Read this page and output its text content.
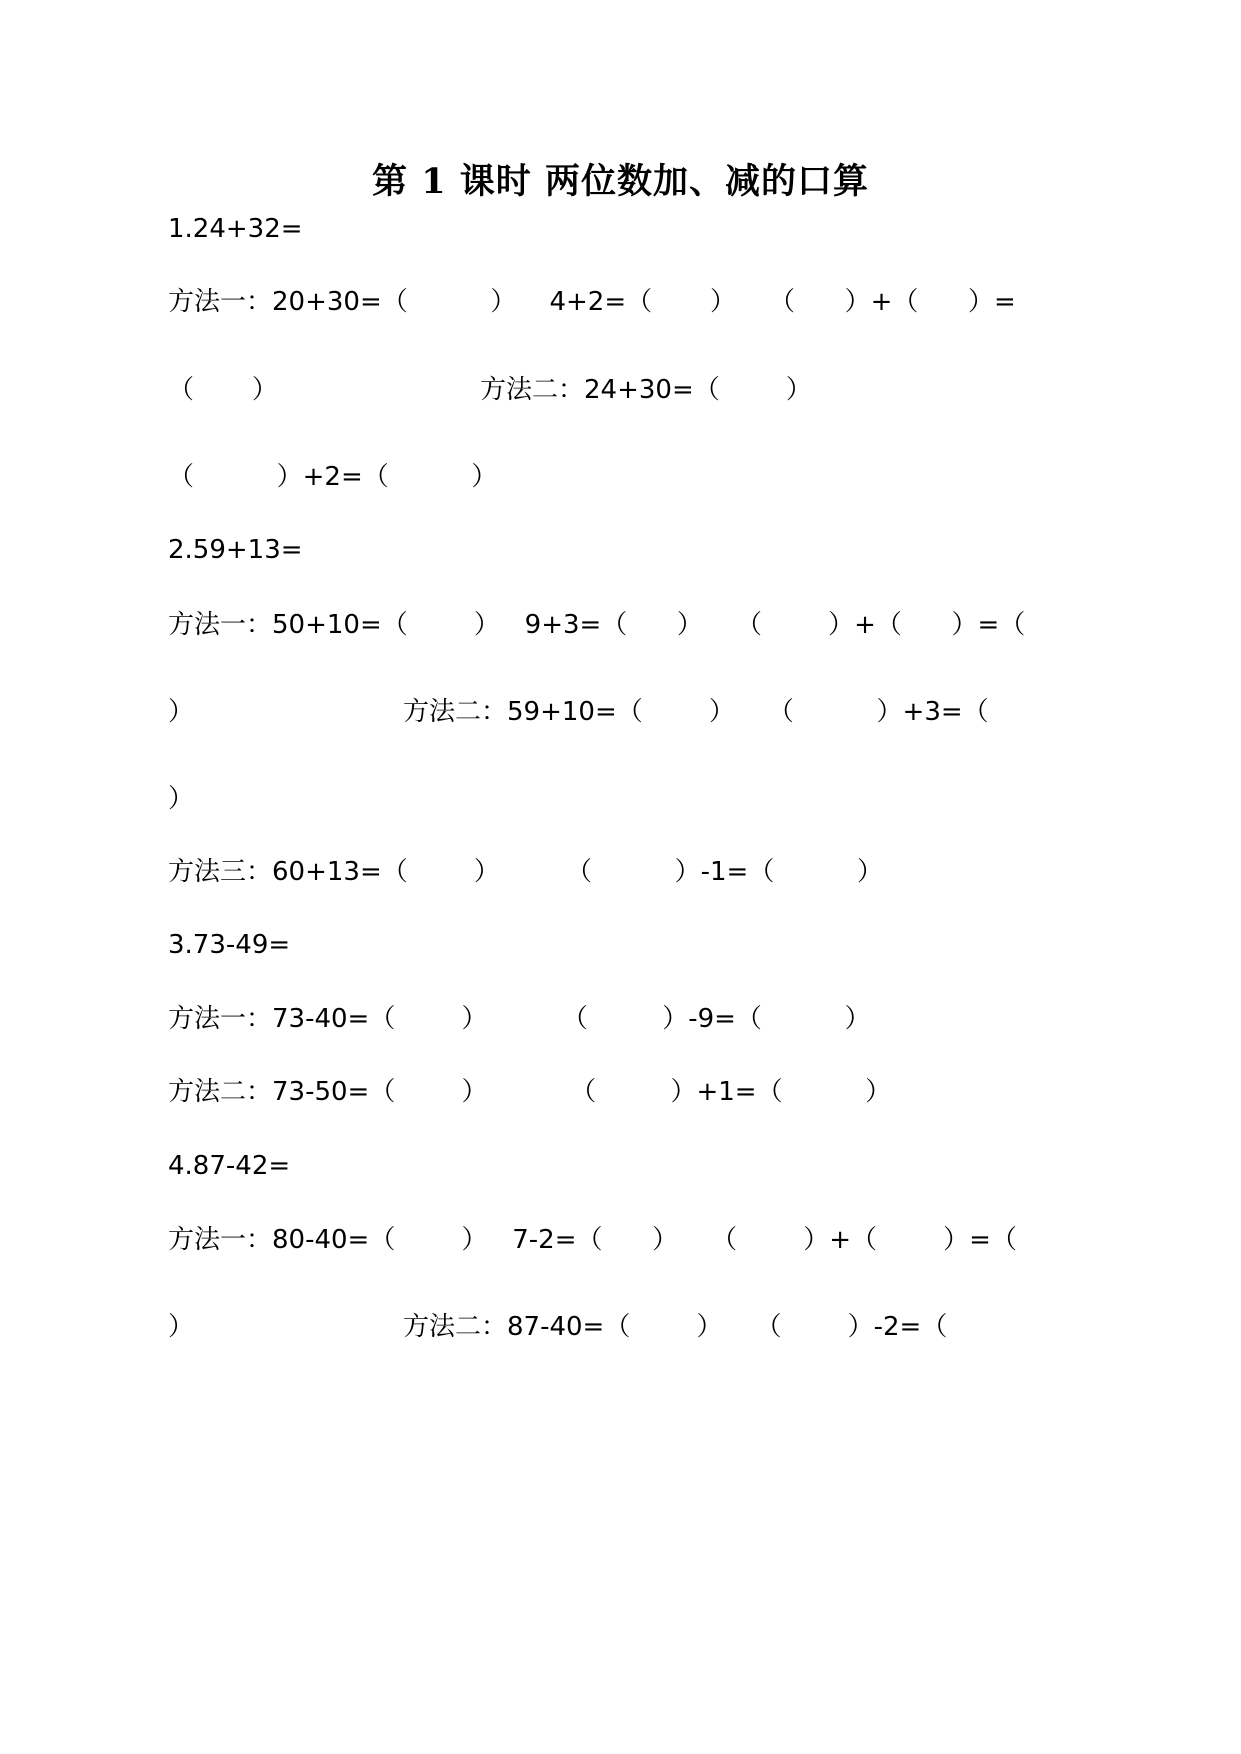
第 1 课时 两位数加、减的口算
1.24+32=
方法一：20+30=（          ）    4+2=（       ）    （      ）+（      ）=
（       ）	方法二：24+30=（        ）
（          ）+2=（          ）
2.59+13=
方法一：50+10=（        ）   9+3=（      ）    （        ）+（      ）=（
）	方法二：59+10=（        ）    （          ）+3=（
）
方法三：60+13=（        ）        （          ）-1=（          ）
3.73-49=
方法一：73-40=（        ）         （         ）-9=（          ）
方法二：73-50=（        ）          （         ）+1=（          ）
4.87-42=
方法一：80-40=（        ）   7-2=（      ）    （        ）+（        ）=（
）	方法二：87-40=（        ）    （        ）-2=（
